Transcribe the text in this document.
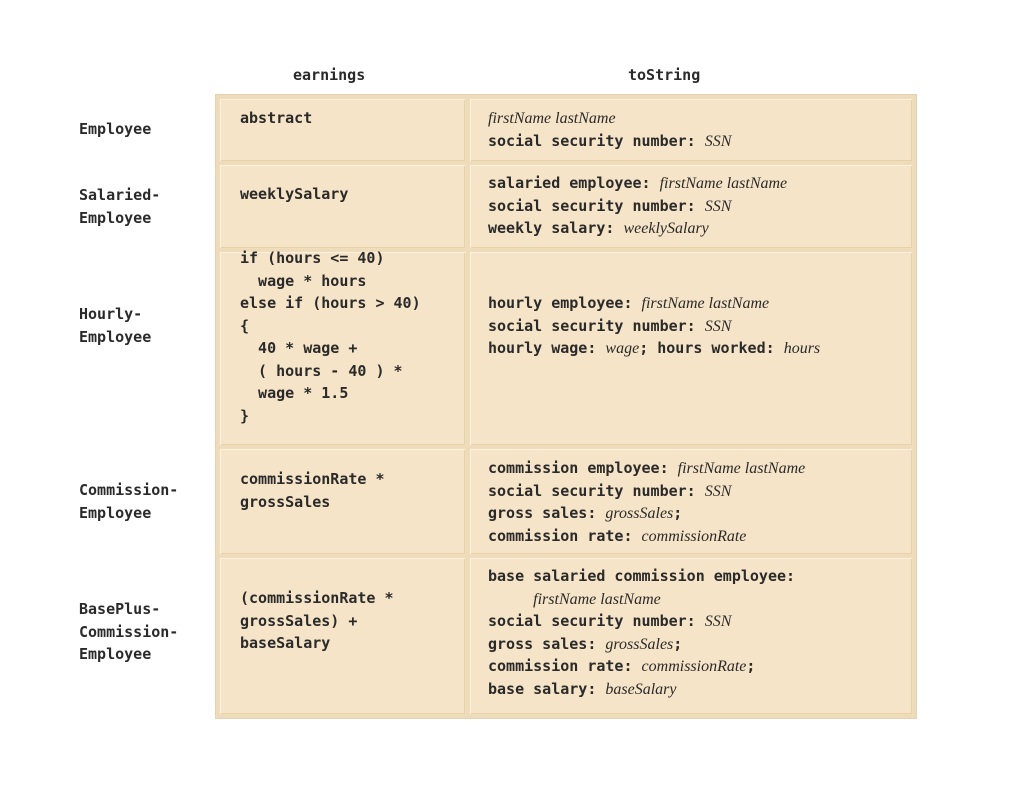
earnings	toString
Employee
Salaried-
Employee
Hourly-
Employee
Commission-
Employee
BasePlus-
Commission-
Employee
abstract	firstName lastName
social security number: SSN
weeklySalary
salaried employee: firstName lastName
social security number: SSN
weekly salary: weeklySalary
if (hours <= 40)
wage * hours
else if (hours > 40)
{
40 * wage +
( hours - 40 ) *
wage * 1.5
}
hourly employee: firstName lastName
social security number: SSN
hourly wage: wage; hours worked: hours
commissionRate *
grossSales
commission employee: firstName lastName
social security number: SSN
gross sales: grossSales;
commission rate: commissionRate
(commissionRate *
grossSales) +
baseSalary
base salaried commission employee:
firstName lastName
social security number: SSN
gross sales: grossSales;
commission rate: commissionRate;
base salary: baseSalary
